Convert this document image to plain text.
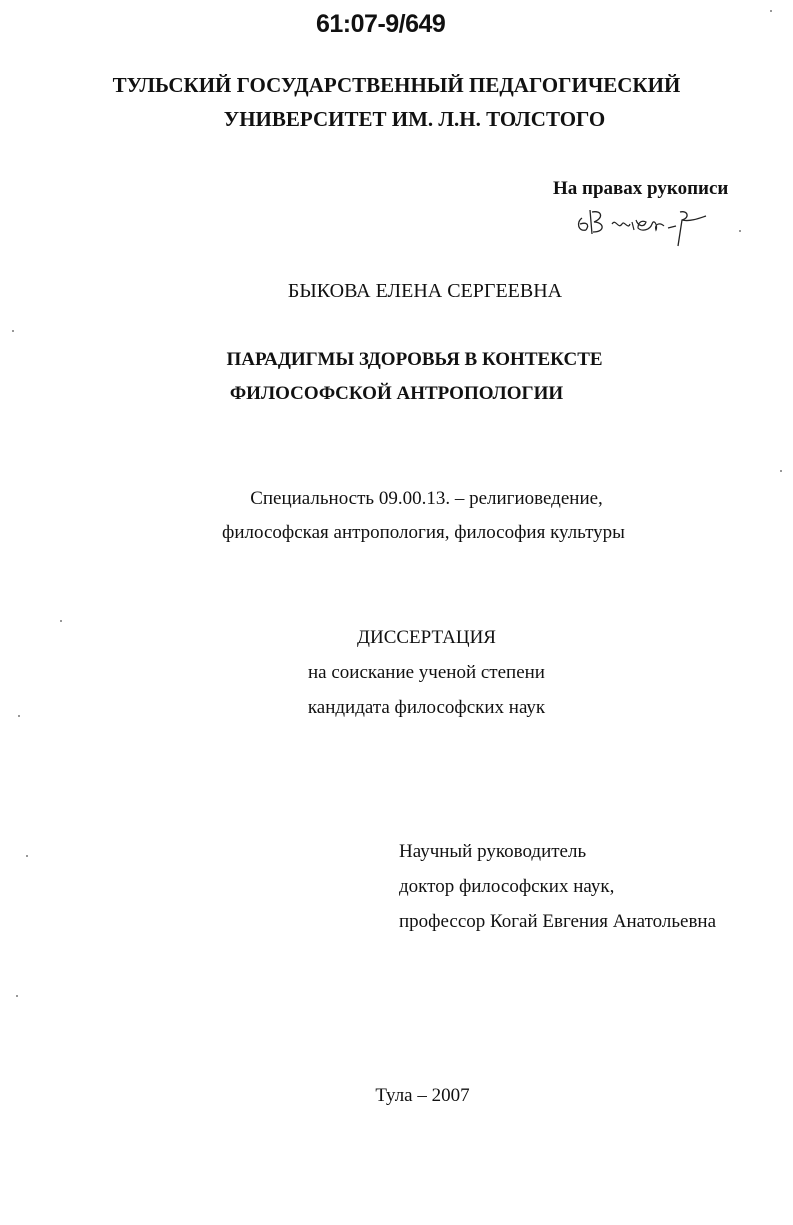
61:07-9/649
ТУЛЬСКИЙ ГОСУДАРСТВЕННЫЙ ПЕДАГОГИЧЕСКИЙ
УНИВЕРСИТЕТ ИМ. Л.Н. ТОЛСТОГО
На правах рукописи
БЫКОВА ЕЛЕНА СЕРГЕЕВНА
ПАРАДИГМЫ ЗДОРОВЬЯ В КОНТЕКСТЕ
ФИЛОСОФСКОЙ АНТРОПОЛОГИИ
Специальность 09.00.13. – религиоведение,
философская антропология, философия культуры
ДИССЕРТАЦИЯ
на соискание ученой степени
кандидата философских наук
Научный руководитель
доктор философских наук,
профессор Когай Евгения Анатольевна
Тула – 2007
